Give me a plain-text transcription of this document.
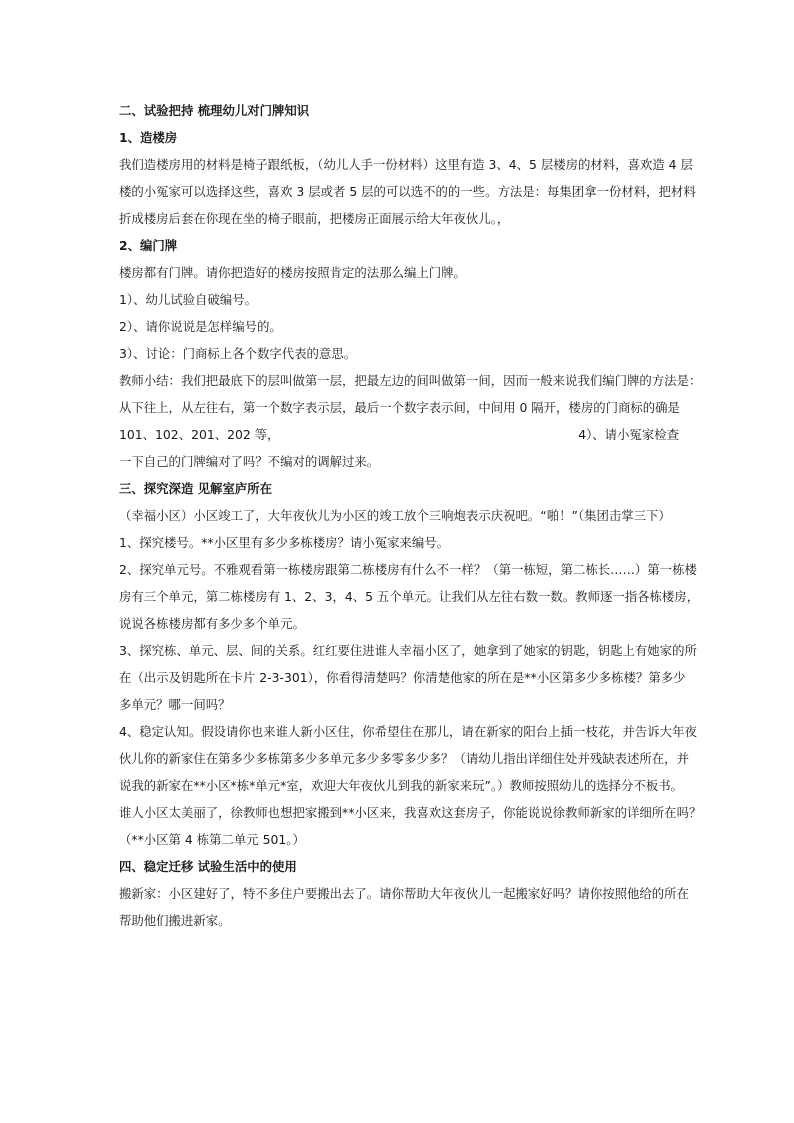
二、试验把持 梳理幼儿对门牌知识
1、造楼房
我们造楼房用的材料是椅子跟纸板，（幼儿人手一份材料）这里有造 3、4、5 层楼房的材料，喜欢造 4 层
楼的小冤家可以选择这些，喜欢 3 层或者 5 层的可以选不的的一些。方法是：每集团拿一份材料，把材料
折成楼房后套在你现在坐的椅子眼前，把楼房正面展示给大年夜伙儿。，
2、编门牌
楼房都有门牌。请你把造好的楼房按照肯定的法那么编上门牌。
1）、幼儿试验自破编号。
2）、请你说说是怎样编号的。
3）、讨论：门商标上各个数字代表的意思。
教师小结：我们把最底下的层叫做第一层，把最左边的间叫做第一间，因而一般来说我们编门牌的方法是：
从下往上，从左往右，第一个数字表示层，最后一个数字表示间，中间用 0 隔开，楼房的门商标的确是
101、102、201、202 等，	4）、请小冤家检查
一下自己的门牌编对了吗？不编对的调解过来。
三、探究深造 见解室庐所在
（幸福小区）小区竣工了，大年夜伙儿为小区的竣工放个三响炮表示庆祝吧。“啪！”（集团击掌三下）
1、探究楼号。**小区里有多少多栋楼房？请小冤家来编号。
2、探究单元号。不雅观看第一栋楼房跟第二栋楼房有什么不一样？（第一栋短，第二栋长……）第一栋楼
房有三个单元，第二栋楼房有 1、2、3，4、5 五个单元。让我们从左往右数一数。教师逐一指各栋楼房，
说说各栋楼房都有多少多个单元。
3、探究栋、单元、层、间的关系。红红要住进谁人幸福小区了，她拿到了她家的钥匙，钥匙上有她家的所
在（出示及钥匙所在卡片 2-3-301），你看得清楚吗？你清楚他家的所在是**小区第多少多栋楼？第多少
多单元？哪一间吗？
4、稳定认知。假设请你也来谁人新小区住，你希望住在那儿，请在新家的阳台上插一枝花，并告诉大年夜
伙儿你的新家住在第多少多栋第多少多单元多少多零多少多？（请幼儿指出详细住处并残缺表述所在，并
说我的新家在**小区*栋*单元*室，欢迎大年夜伙儿到我的新家来玩”。）教师按照幼儿的选择分不板书。
谁人小区太美丽了，徐教师也想把家搬到**小区来，我喜欢这套房子，你能说说徐教师新家的详细所在吗？
（**小区第 4 栋第二单元 501。）
四、稳定迁移 试验生活中的使用
搬新家：小区建好了，特不多住户要搬出去了。请你帮助大年夜伙儿一起搬家好吗？请你按照他给的所在
帮助他们搬进新家。
